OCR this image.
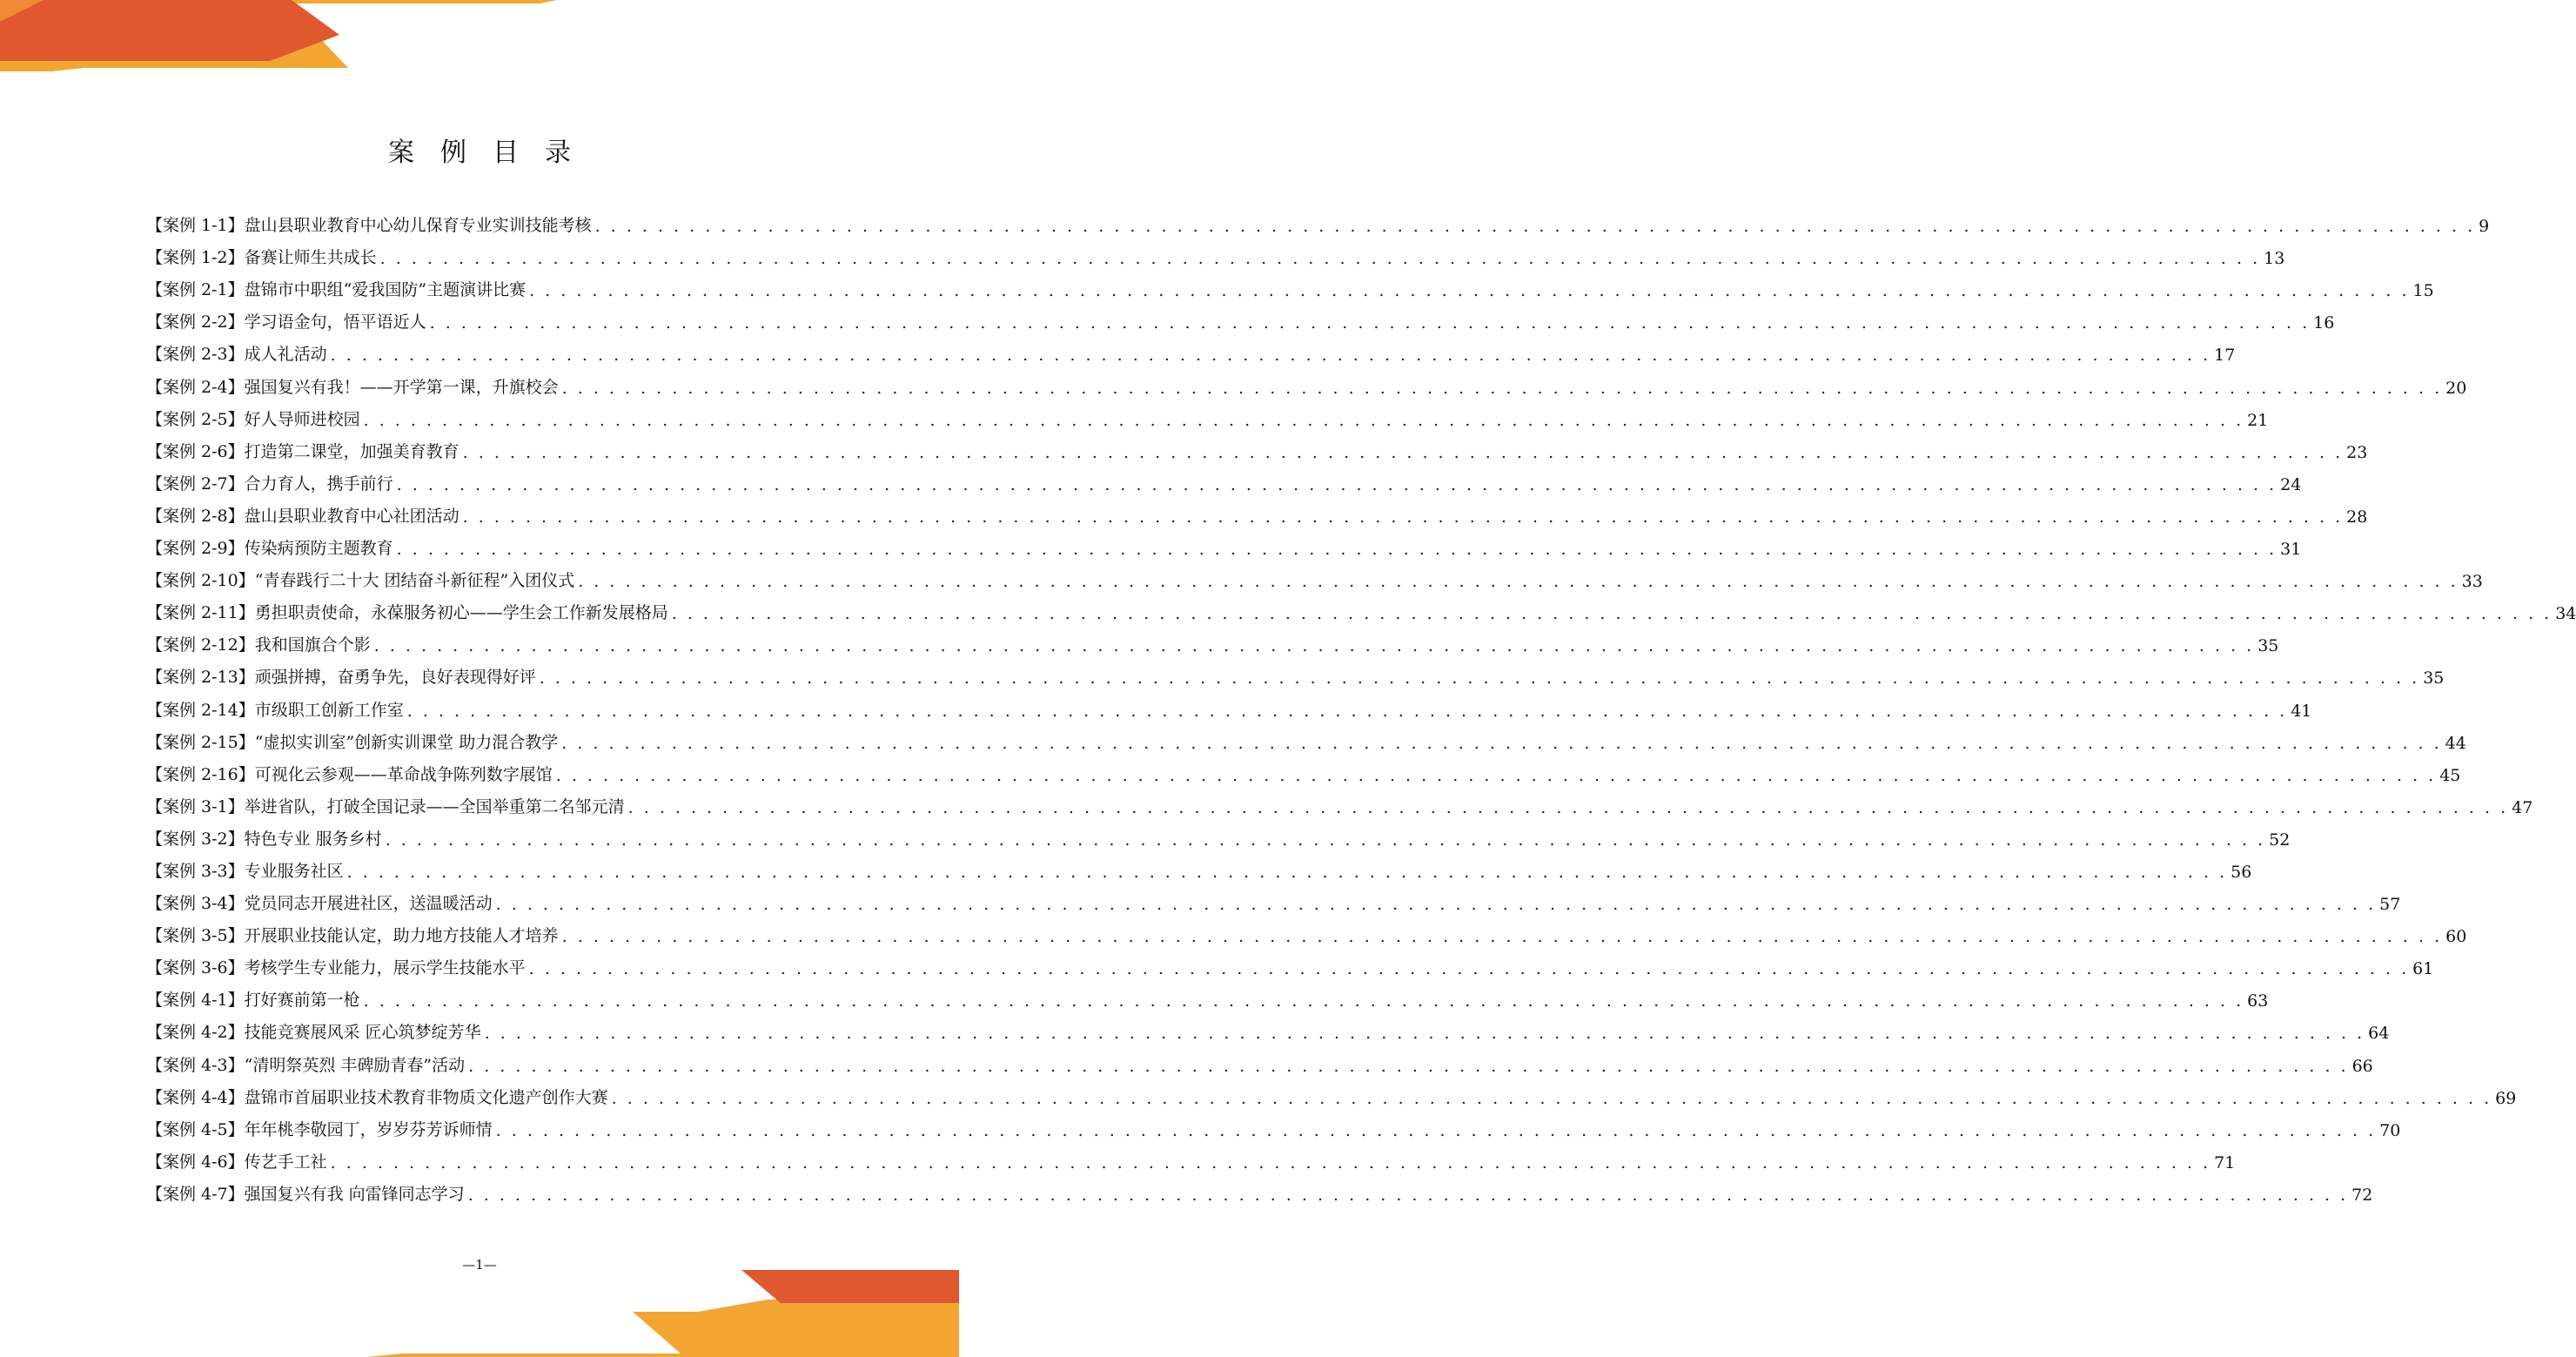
案例目录
【案例 1-1】盘山县职业教育中心幼儿保育专业实训技能考核 . . . . . . . . . . . . . . . . . . . . . . . . . . . . . . . . . . . . . . . . . . . . . . . . . . . . . . . . . . . . . . . . . . . . . . . . . . . . . . . . . . . . . . . . . . . . . . . . . . . . . . . . . . . . . . . . . . . . . . . . 9
【案例 1-2】备赛让师生共成长 . . . . . . . . . . . . . . . . . . . . . . . . . . . . . . . . . . . . . . . . . . . . . . . . . . . . . . . . . . . . . . . . . . . . . . . . . . . . . . . . . . . . . . . . . . . . . . . . . . . . . . . . . . . . . . . . . . . . . . . . 13
【案例 2-1】盘锦市中职组“爱我国防”主题演讲比赛 . . . . . . . . . . . . . . . . . . . . . . . . . . . . . . . . . . . . . . . . . . . . . . . . . . . . . . . . . . . . . . . . . . . . . . . . . . . . . . . . . . . . . . . . . . . . . . . . . . . . . . . . . . . . . . . . . . . . . . . . 15
【案例 2-2】学习语金句，悟平语近人 . . . . . . . . . . . . . . . . . . . . . . . . . . . . . . . . . . . . . . . . . . . . . . . . . . . . . . . . . . . . . . . . . . . . . . . . . . . . . . . . . . . . . . . . . . . . . . . . . . . . . . . . . . . . . . . . . . . . . . . . 16
【案例 2-3】成人礼活动 . . . . . . . . . . . . . . . . . . . . . . . . . . . . . . . . . . . . . . . . . . . . . . . . . . . . . . . . . . . . . . . . . . . . . . . . . . . . . . . . . . . . . . . . . . . . . . . . . . . . . . . . . . . . . . . . . . . . . . . . 17
【案例 2-4】强国复兴有我！——开学第一课，升旗校会 . . . . . . . . . . . . . . . . . . . . . . . . . . . . . . . . . . . . . . . . . . . . . . . . . . . . . . . . . . . . . . . . . . . . . . . . . . . . . . . . . . . . . . . . . . . . . . . . . . . . . . . . . . . . . . . . . . . . . . . . 20
【案例 2-5】好人导师进校园 . . . . . . . . . . . . . . . . . . . . . . . . . . . . . . . . . . . . . . . . . . . . . . . . . . . . . . . . . . . . . . . . . . . . . . . . . . . . . . . . . . . . . . . . . . . . . . . . . . . . . . . . . . . . . . . . . . . . . . . . 21
【案例 2-6】打造第二课堂，加强美育教育 . . . . . . . . . . . . . . . . . . . . . . . . . . . . . . . . . . . . . . . . . . . . . . . . . . . . . . . . . . . . . . . . . . . . . . . . . . . . . . . . . . . . . . . . . . . . . . . . . . . . . . . . . . . . . . . . . . . . . . . . 23
【案例 2-7】合力育人，携手前行 . . . . . . . . . . . . . . . . . . . . . . . . . . . . . . . . . . . . . . . . . . . . . . . . . . . . . . . . . . . . . . . . . . . . . . . . . . . . . . . . . . . . . . . . . . . . . . . . . . . . . . . . . . . . . . . . . . . . . . . . 24
【案例 2-8】盘山县职业教育中心社团活动 . . . . . . . . . . . . . . . . . . . . . . . . . . . . . . . . . . . . . . . . . . . . . . . . . . . . . . . . . . . . . . . . . . . . . . . . . . . . . . . . . . . . . . . . . . . . . . . . . . . . . . . . . . . . . . . . . . . . . . . . 28
【案例 2-9】传染病预防主题教育 . . . . . . . . . . . . . . . . . . . . . . . . . . . . . . . . . . . . . . . . . . . . . . . . . . . . . . . . . . . . . . . . . . . . . . . . . . . . . . . . . . . . . . . . . . . . . . . . . . . . . . . . . . . . . . . . . . . . . . . . 31
【案例 2-10】“青春践行二十大 团结奋斗新征程”入团仪式 . . . . . . . . . . . . . . . . . . . . . . . . . . . . . . . . . . . . . . . . . . . . . . . . . . . . . . . . . . . . . . . . . . . . . . . . . . . . . . . . . . . . . . . . . . . . . . . . . . . . . . . . . . . . . . . . . . . . . . . . 33
【案例 2-11】勇担职责使命，永葆服务初心——学生会工作新发展格局 . . . . . . . . . . . . . . . . . . . . . . . . . . . . . . . . . . . . . . . . . . . . . . . . . . . . . . . . . . . . . . . . . . . . . . . . . . . . . . . . . . . . . . . . . . . . . . . . . . . . . . . . . . . . . . . . . . . . . . . . 34
【案例 2-12】我和国旗合个影 . . . . . . . . . . . . . . . . . . . . . . . . . . . . . . . . . . . . . . . . . . . . . . . . . . . . . . . . . . . . . . . . . . . . . . . . . . . . . . . . . . . . . . . . . . . . . . . . . . . . . . . . . . . . . . . . . . . . . . . . 35
【案例 2-13】顽强拼搏，奋勇争先，良好表现得好评 . . . . . . . . . . . . . . . . . . . . . . . . . . . . . . . . . . . . . . . . . . . . . . . . . . . . . . . . . . . . . . . . . . . . . . . . . . . . . . . . . . . . . . . . . . . . . . . . . . . . . . . . . . . . . . . . . . . . . . . . 35
【案例 2-14】市级职工创新工作室 . . . . . . . . . . . . . . . . . . . . . . . . . . . . . . . . . . . . . . . . . . . . . . . . . . . . . . . . . . . . . . . . . . . . . . . . . . . . . . . . . . . . . . . . . . . . . . . . . . . . . . . . . . . . . . . . . . . . . . . . 41
【案例 2-15】“虚拟实训室”创新实训课堂 助力混合教学 . . . . . . . . . . . . . . . . . . . . . . . . . . . . . . . . . . . . . . . . . . . . . . . . . . . . . . . . . . . . . . . . . . . . . . . . . . . . . . . . . . . . . . . . . . . . . . . . . . . . . . . . . . . . . . . . . . . . . . . . 44
【案例 2-16】可视化云参观——革命战争陈列数字展馆 . . . . . . . . . . . . . . . . . . . . . . . . . . . . . . . . . . . . . . . . . . . . . . . . . . . . . . . . . . . . . . . . . . . . . . . . . . . . . . . . . . . . . . . . . . . . . . . . . . . . . . . . . . . . . . . . . . . . . . . . 45
【案例 3-1】举进省队，打破全国记录——全国举重第二名邹元清 . . . . . . . . . . . . . . . . . . . . . . . . . . . . . . . . . . . . . . . . . . . . . . . . . . . . . . . . . . . . . . . . . . . . . . . . . . . . . . . . . . . . . . . . . . . . . . . . . . . . . . . . . . . . . . . . . . . . . . . . 47
【案例 3-2】特色专业 服务乡村 . . . . . . . . . . . . . . . . . . . . . . . . . . . . . . . . . . . . . . . . . . . . . . . . . . . . . . . . . . . . . . . . . . . . . . . . . . . . . . . . . . . . . . . . . . . . . . . . . . . . . . . . . . . . . . . . . . . . . . . . 52
【案例 3-3】专业服务社区 . . . . . . . . . . . . . . . . . . . . . . . . . . . . . . . . . . . . . . . . . . . . . . . . . . . . . . . . . . . . . . . . . . . . . . . . . . . . . . . . . . . . . . . . . . . . . . . . . . . . . . . . . . . . . . . . . . . . . . . . 56
【案例 3-4】党员同志开展进社区，送温暖活动 . . . . . . . . . . . . . . . . . . . . . . . . . . . . . . . . . . . . . . . . . . . . . . . . . . . . . . . . . . . . . . . . . . . . . . . . . . . . . . . . . . . . . . . . . . . . . . . . . . . . . . . . . . . . . . . . . . . . . . . . 57
【案例 3-5】开展职业技能认定，助力地方技能人才培养 . . . . . . . . . . . . . . . . . . . . . . . . . . . . . . . . . . . . . . . . . . . . . . . . . . . . . . . . . . . . . . . . . . . . . . . . . . . . . . . . . . . . . . . . . . . . . . . . . . . . . . . . . . . . . . . . . . . . . . . . 60
【案例 3-6】考核学生专业能力，展示学生技能水平 . . . . . . . . . . . . . . . . . . . . . . . . . . . . . . . . . . . . . . . . . . . . . . . . . . . . . . . . . . . . . . . . . . . . . . . . . . . . . . . . . . . . . . . . . . . . . . . . . . . . . . . . . . . . . . . . . . . . . . . . 61
【案例 4-1】打好赛前第一枪 . . . . . . . . . . . . . . . . . . . . . . . . . . . . . . . . . . . . . . . . . . . . . . . . . . . . . . . . . . . . . . . . . . . . . . . . . . . . . . . . . . . . . . . . . . . . . . . . . . . . . . . . . . . . . . . . . . . . . . . . 63
【案例 4-2】技能竞赛展风采 匠心筑梦绽芳华 . . . . . . . . . . . . . . . . . . . . . . . . . . . . . . . . . . . . . . . . . . . . . . . . . . . . . . . . . . . . . . . . . . . . . . . . . . . . . . . . . . . . . . . . . . . . . . . . . . . . . . . . . . . . . . . . . . . . . . . . 64
【案例 4-3】“清明祭英烈 丰碑励青春”活动 . . . . . . . . . . . . . . . . . . . . . . . . . . . . . . . . . . . . . . . . . . . . . . . . . . . . . . . . . . . . . . . . . . . . . . . . . . . . . . . . . . . . . . . . . . . . . . . . . . . . . . . . . . . . . . . . . . . . . . . . 66
【案例 4-4】盘锦市首届职业技术教育非物质文化遗产创作大赛 . . . . . . . . . . . . . . . . . . . . . . . . . . . . . . . . . . . . . . . . . . . . . . . . . . . . . . . . . . . . . . . . . . . . . . . . . . . . . . . . . . . . . . . . . . . . . . . . . . . . . . . . . . . . . . . . . . . . . . . . 69
【案例 4-5】年年桃李敬园丁，岁岁芬芳诉师情 . . . . . . . . . . . . . . . . . . . . . . . . . . . . . . . . . . . . . . . . . . . . . . . . . . . . . . . . . . . . . . . . . . . . . . . . . . . . . . . . . . . . . . . . . . . . . . . . . . . . . . . . . . . . . . . . . . . . . . . . 70
【案例 4-6】传艺手工社 . . . . . . . . . . . . . . . . . . . . . . . . . . . . . . . . . . . . . . . . . . . . . . . . . . . . . . . . . . . . . . . . . . . . . . . . . . . . . . . . . . . . . . . . . . . . . . . . . . . . . . . . . . . . . . . . . . . . . . . . 71
【案例 4-7】强国复兴有我 向雷锋同志学习 . . . . . . . . . . . . . . . . . . . . . . . . . . . . . . . . . . . . . . . . . . . . . . . . . . . . . . . . . . . . . . . . . . . . . . . . . . . . . . . . . . . . . . . . . . . . . . . . . . . . . . . . . . . . . . . . . . . . . . . . 72
—1—
